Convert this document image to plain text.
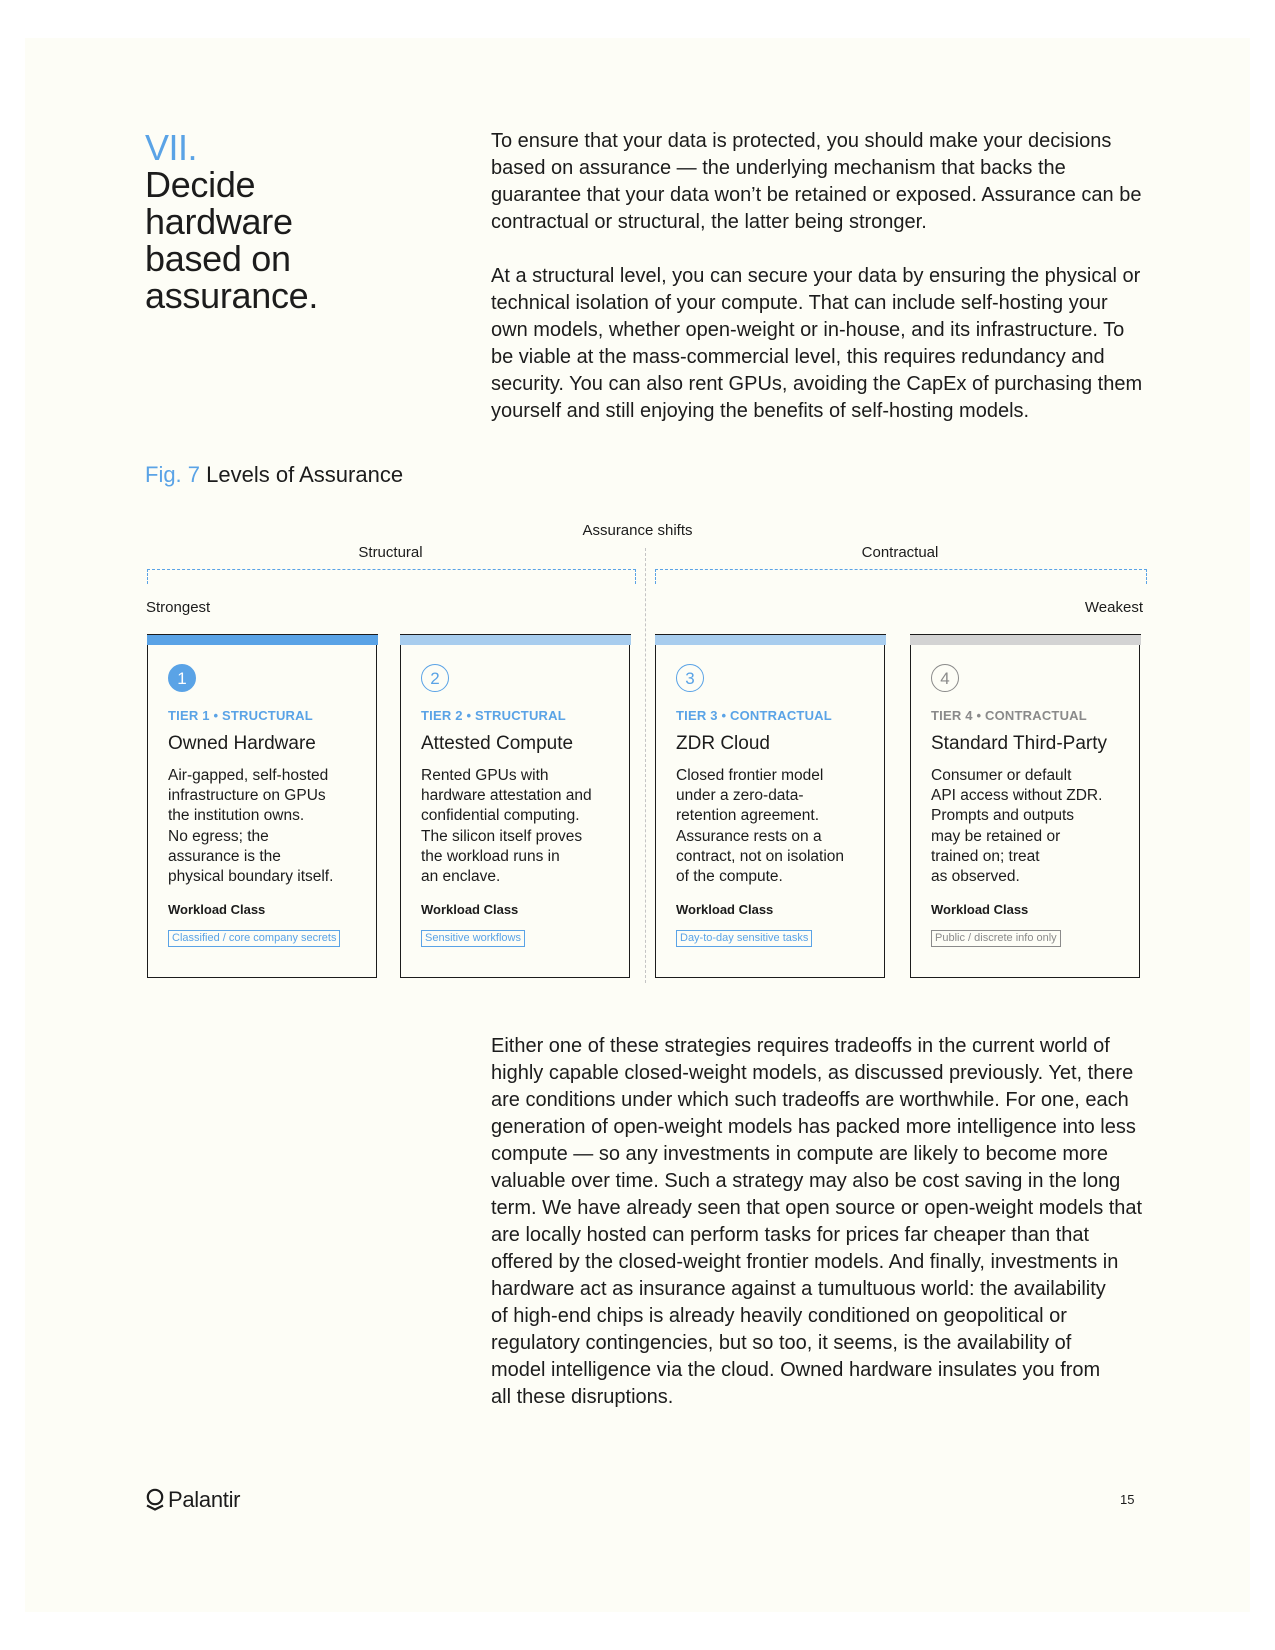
VII.
Decide
hardware
based on
assurance.
To ensure that your data is protected, you should make your decisions
based on assurance — the underlying mechanism that backs the
guarantee that your data won’t be retained or exposed. Assurance can be
contractual or structural, the latter being stronger.
At a structural level, you can secure your data by ensuring the physical or
technical isolation of your compute. That can include self-hosting your
own models, whether open-weight or in-house, and its infrastructure. To
be viable at the mass-commercial level, this requires redundancy and
security. You can also rent GPUs, avoiding the CapEx of purchasing them
yourself and still enjoying the benefits of self-hosting models.
Fig. 7 Levels of Assurance
Assurance shifts
Structural	Contractual
Strongest	Weakest
1
TIER 1 • STRUCTURAL
Owned Hardware
Air-gapped, self-hosted
infrastructure on GPUs
the institution owns.
No egress; the
assurance is the
physical boundary itself.
Workload Class
Classified / core company secrets
2
TIER 2 • STRUCTURAL
Attested Compute
Rented GPUs with
hardware attestation and
confidential computing.
The silicon itself proves
the workload runs in
an enclave.
Workload Class
Sensitive workflows
3
TIER 3 • CONTRACTUAL
ZDR Cloud
Closed frontier model
under a zero-data-
retention agreement.
Assurance rests on a
contract, not on isolation
of the compute.
Workload Class
Day-to-day sensitive tasks
4
TIER 4 • CONTRACTUAL
Standard Third-Party
Consumer or default
API access without ZDR.
Prompts and outputs
may be retained or
trained on; treat
as observed.
Workload Class
Public / discrete info only
Either one of these strategies requires tradeoffs in the current world of
highly capable closed-weight models, as discussed previously. Yet, there
are conditions under which such tradeoffs are worthwhile. For one, each
generation of open-weight models has packed more intelligence into less
compute — so any investments in compute are likely to become more
valuable over time. Such a strategy may also be cost saving in the long
term. We have already seen that open source or open-weight models that
are locally hosted can perform tasks for prices far cheaper than that
offered by the closed-weight frontier models. And finally, investments in
hardware act as insurance against a tumultuous world: the availability
of high-end chips is already heavily conditioned on geopolitical or
regulatory contingencies, but so too, it seems, is the availability of
model intelligence via the cloud. Owned hardware insulates you from
all these disruptions.
Palantir	15
